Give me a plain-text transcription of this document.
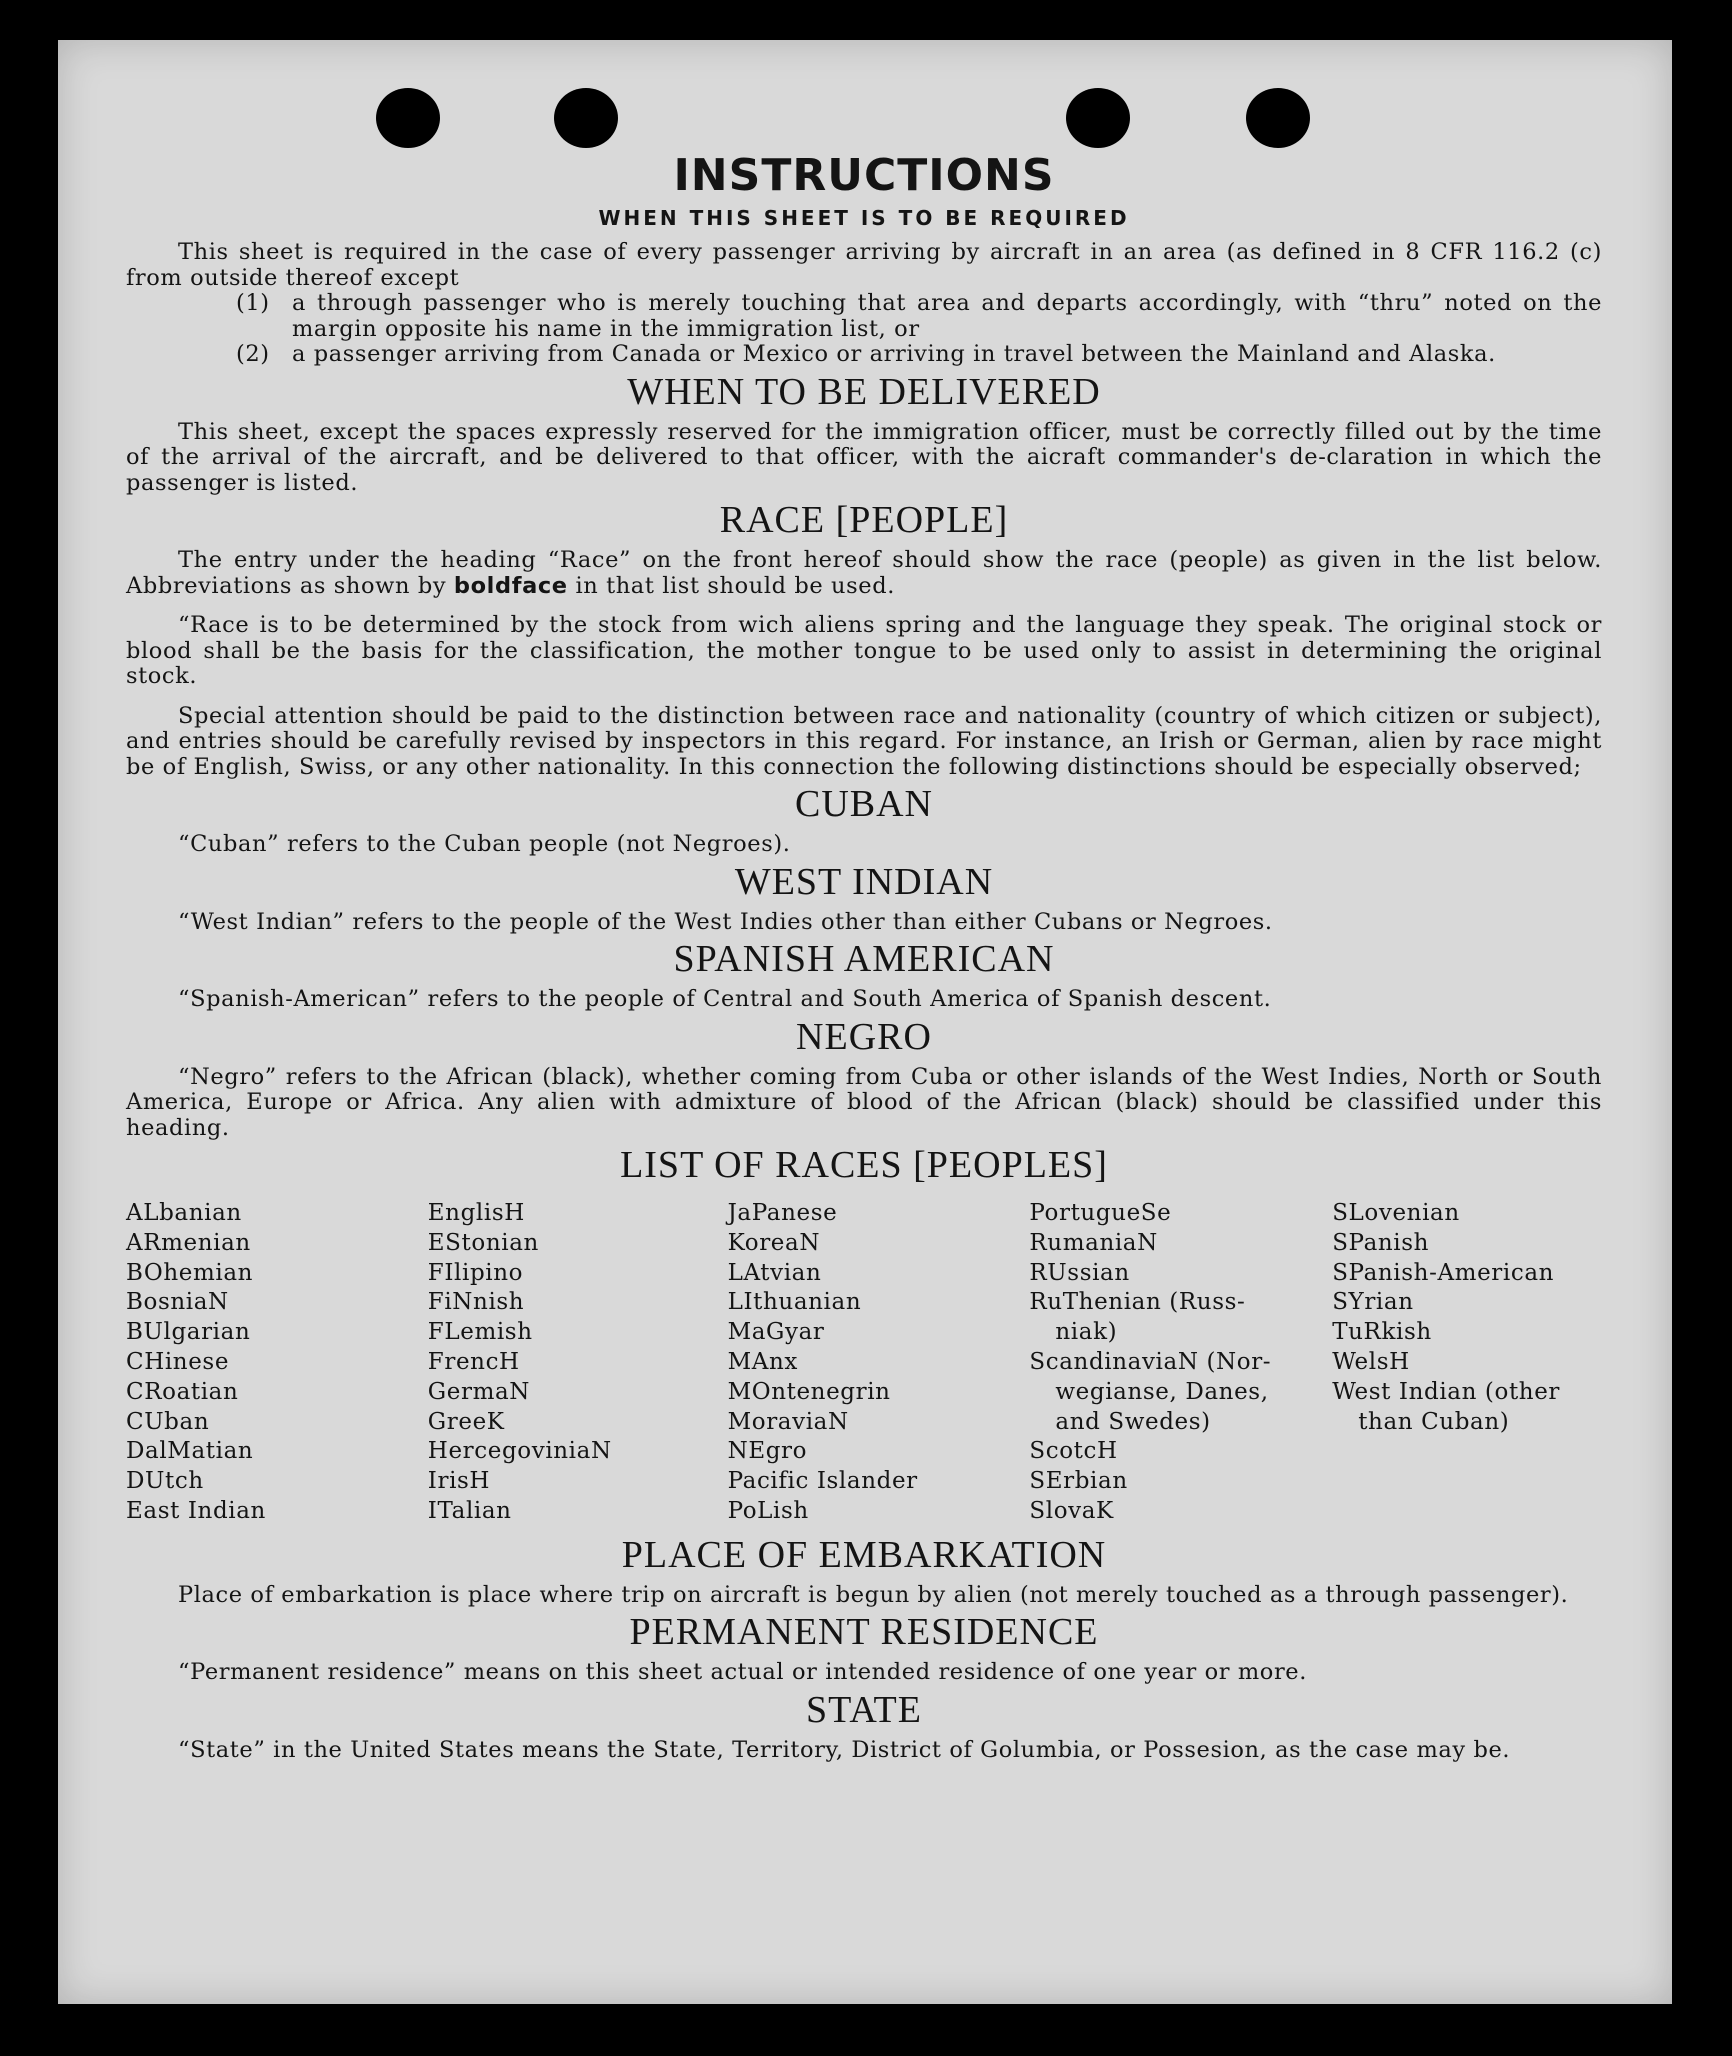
INSTRUCTIONS
WHEN THIS SHEET IS TO BE REQUIRED

This sheet is required in the case of every passenger arriving by aircraft in an area (as defined in 8 CFR 116.2 (c) from outside thereof except

(1) a through passenger who is merely touching that area and departs accordingly, with “thru” noted on the margin opposite his name in the immigration list, or
(2) a passenger arriving from Canada or Mexico or arriving in travel between the Mainland and Alaska.
WHEN TO BE DELIVERED

This sheet, except the spaces expressly reserved for the immigration officer, must be correctly filled out by the time of the arrival of the aircraft, and be delivered to that officer, with the aicraft commander's de-claration in which the passenger is listed.

RACE [PEOPLE]

The entry under the heading “Race” on the front hereof should show the race (people) as given in the list below. Abbreviations as shown by boldface in that list should be used.

“Race is to be determined by the stock from wich aliens spring and the language they speak. The original stock or blood shall be the basis for the classification, the mother tongue to be used only to assist in determining the original stock.

Special attention should be paid to the distinction between race and nationality (country of which citizen or subject), and entries should be carefully revised by inspectors in this regard. For instance, an Irish or German, alien by race might be of English, Swiss, or any other nationality. In this connection the following distinctions should be especially observed;

CUBAN

“Cuban” refers to the Cuban people (not Negroes).

WEST INDIAN

“West Indian” refers to the people of the West Indies other than either Cubans or Negroes.

SPANISH AMERICAN

“Spanish-American” refers to the people of Central and South America of Spanish descent.

NEGRO

“Negro” refers to the African (black), whether coming from Cuba or other islands of the West Indies, North or South America, Europe or Africa. Any alien with admixture of blood of the African (black) should be classified under this heading.

LIST OF RACES [PEOPLES]
ALbanian
ARmenian
BOhemian
BosniaN
BUlgarian
CHinese
CRoatian
CUban
DalMatian
DUtch
East Indian
EnglisH
EStonian
FIlipino
FiNnish
FLemish
FrencH
GermaN
GreeK
HercegoviniaN
IrisH
ITalian
JaPanese
KoreaN
LAtvian
LIthuanian
MaGyar
MAnx
MOntenegrin
MoraviaN
NEgro
Pacific Islander
PoLish
PortugueSe
RumaniaN
RUssian
RuThenian (Russ-
niak)
ScandinaviaN (Nor-
wegianse, Danes,
and Swedes)
ScotcH
SErbian
SlovaK
SLovenian
SPanish
SPanish-American
SYrian
TuRkish
WelsH
West Indian (other
than Cuban)
PLACE OF EMBARKATION

Place of embarkation is place where trip on aircraft is begun by alien (not merely touched as a through passenger).

PERMANENT RESIDENCE

“Permanent residence” means on this sheet actual or intended residence of one year or more.

STATE

“State” in the United States means the State, Territory, District of Golumbia, or Possesion, as the case may be.
